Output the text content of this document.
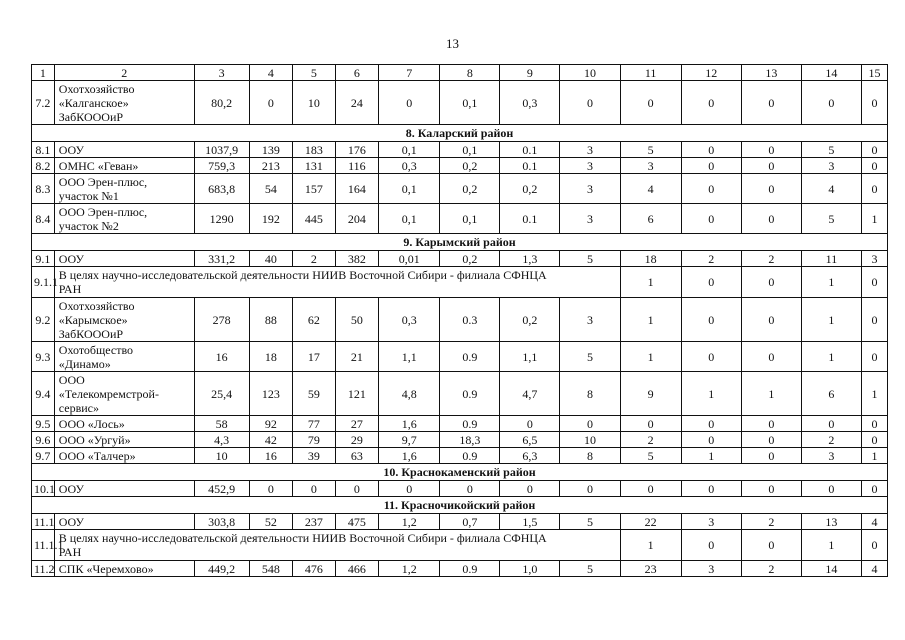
13
1	2	3	4	5	6	7	8	9	10	11	12	13	14	15
7.2	Охотхозяйство
«Калганское»
ЗабКОООиР	80,2	0	10	24	0	0,1	0,3	0	0	0	0	0	0
8. Каларский район														
8.1	ООУ	1037,9	139	183	176	0,1	0,1	0.1	3	5	0	0	5	0
8.2	ОМНС «Геван»	759,3	213	131	116	0,3	0,2	0.1	3	3	0	0	3	0
8.3	ООО Эрен-плюс,
участок №1	683,8	54	157	164	0,1	0,2	0,2	3	4	0	0	4	0
8.4	ООО Эрен-плюс,
участок №2	1290	192	445	204	0,1	0,1	0.1	3	6	0	0	5	1
9. Карымский район														
9.1	ООУ	331,2	40	2	382	0,01	0,2	1,3	5	18	2	2	11	3
9.1.1	В целях научно-исследовательской деятельности НИИВ Восточной Сибири - филиала СФНЦА
РАН									1	0	0	1	0
9.2	Охотхозяйство
«Карымское»
ЗабКОООиР	278	88	62	50	0,3	0.3	0,2	3	1	0	0	1	0
9.3	Охотобщество
«Динамо»	16	18	17	21	1,1	0.9	1,1	5	1	0	0	1	0
9.4	ООО
«Телекомремстрой-
сервис»	25,4	123	59	121	4,8	0.9	4,7	8	9	1	1	6	1
9.5	ООО «Лось»	58	92	77	27	1,6	0.9	0	0	0	0	0	0	0
9.6	ООО «Ургуй»	4,3	42	79	29	9,7	18,3	6,5	10	2	0	0	2	0
9.7	ООО «Талчер»	10	16	39	63	1,6	0.9	6,3	8	5	1	0	3	1
10. Краснокаменский район														
10.1	ООУ	452,9	0	0	0	0	0	0	0	0	0	0	0	0
11. Красночикойский район														
11.1	ООУ	303,8	52	237	475	1,2	0,7	1,5	5	22	3	2	13	4
11.1.1	В целях научно-исследовательской деятельности НИИВ Восточной Сибири - филиала СФНЦА
РАН									1	0	0	1	0
11.2	СПК «Черемхово»	449,2	548	476	466	1,2	0.9	1,0	5	23	3	2	14	4
